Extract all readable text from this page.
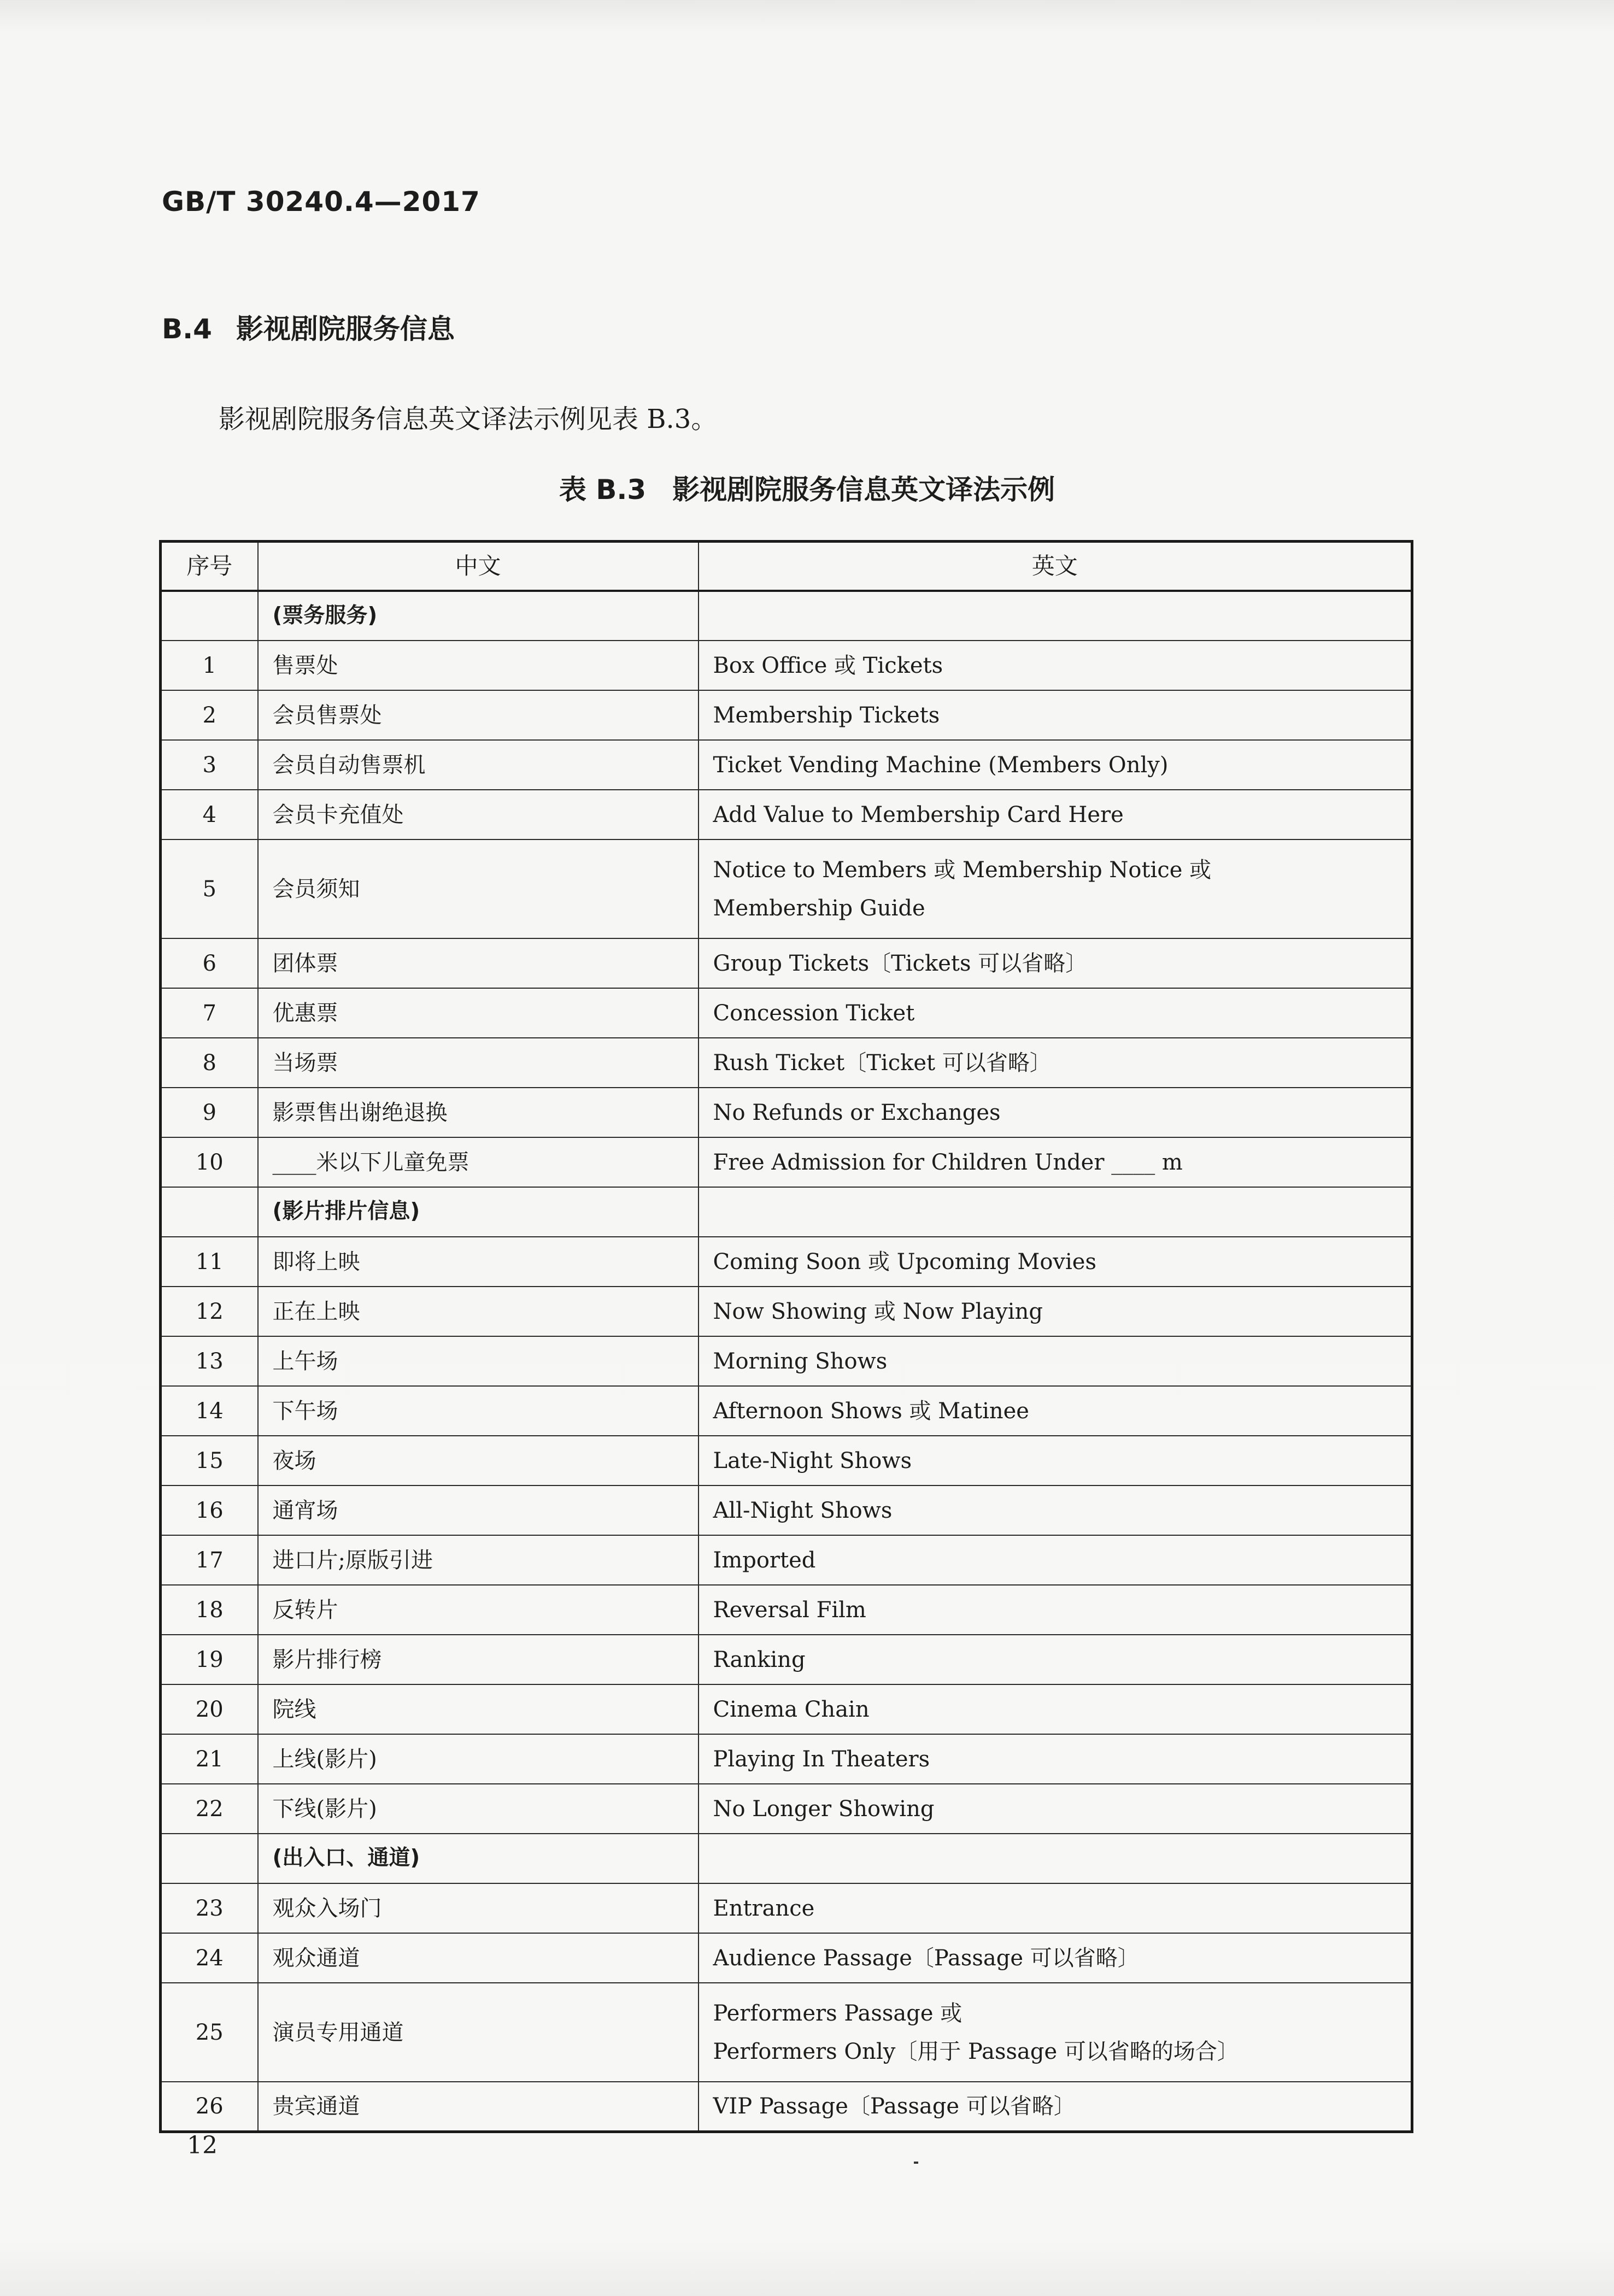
GB/T 30240.4—2017
B.4 影视剧院服务信息
影视剧院服务信息英文译法示例见表 B.3。
表 B.3 影视剧院服务信息英文译法示例
序号	中文	英文
	(票务服务)	
1	售票处	Box Office 或 Tickets
2	会员售票处	Membership Tickets
3	会员自动售票机	Ticket Vending Machine (Members Only)
4	会员卡充值处	Add Value to Membership Card Here
5	会员须知	Notice to Members 或 Membership Notice 或
Membership Guide

6	团体票	Group Tickets〔Tickets 可以省略〕
7	优惠票	Concession Ticket
8	当场票	Rush Ticket〔Ticket 可以省略〕
9	影票售出谢绝退换	No Refunds or Exchanges
10	____米以下儿童免票	Free Admission for Children Under ____ m
	(影片排片信息)	
11	即将上映	Coming Soon 或 Upcoming Movies
12	正在上映	Now Showing 或 Now Playing
13	上午场	Morning Shows
14	下午场	Afternoon Shows 或 Matinee
15	夜场	Late-Night Shows
16	通宵场	All-Night Shows
17	进口片;原版引进	Imported
18	反转片	Reversal Film
19	影片排行榜	Ranking
20	院线	Cinema Chain
21	上线(影片)	Playing In Theaters
22	下线(影片)	No Longer Showing
	(出入口、通道)	
23	观众入场门	Entrance
24	观众通道	Audience Passage〔Passage 可以省略〕
25	演员专用通道	Performers Passage 或
Performers Only〔用于 Passage 可以省略的场合〕

26	贵宾通道	VIP Passage〔Passage 可以省略〕
12
